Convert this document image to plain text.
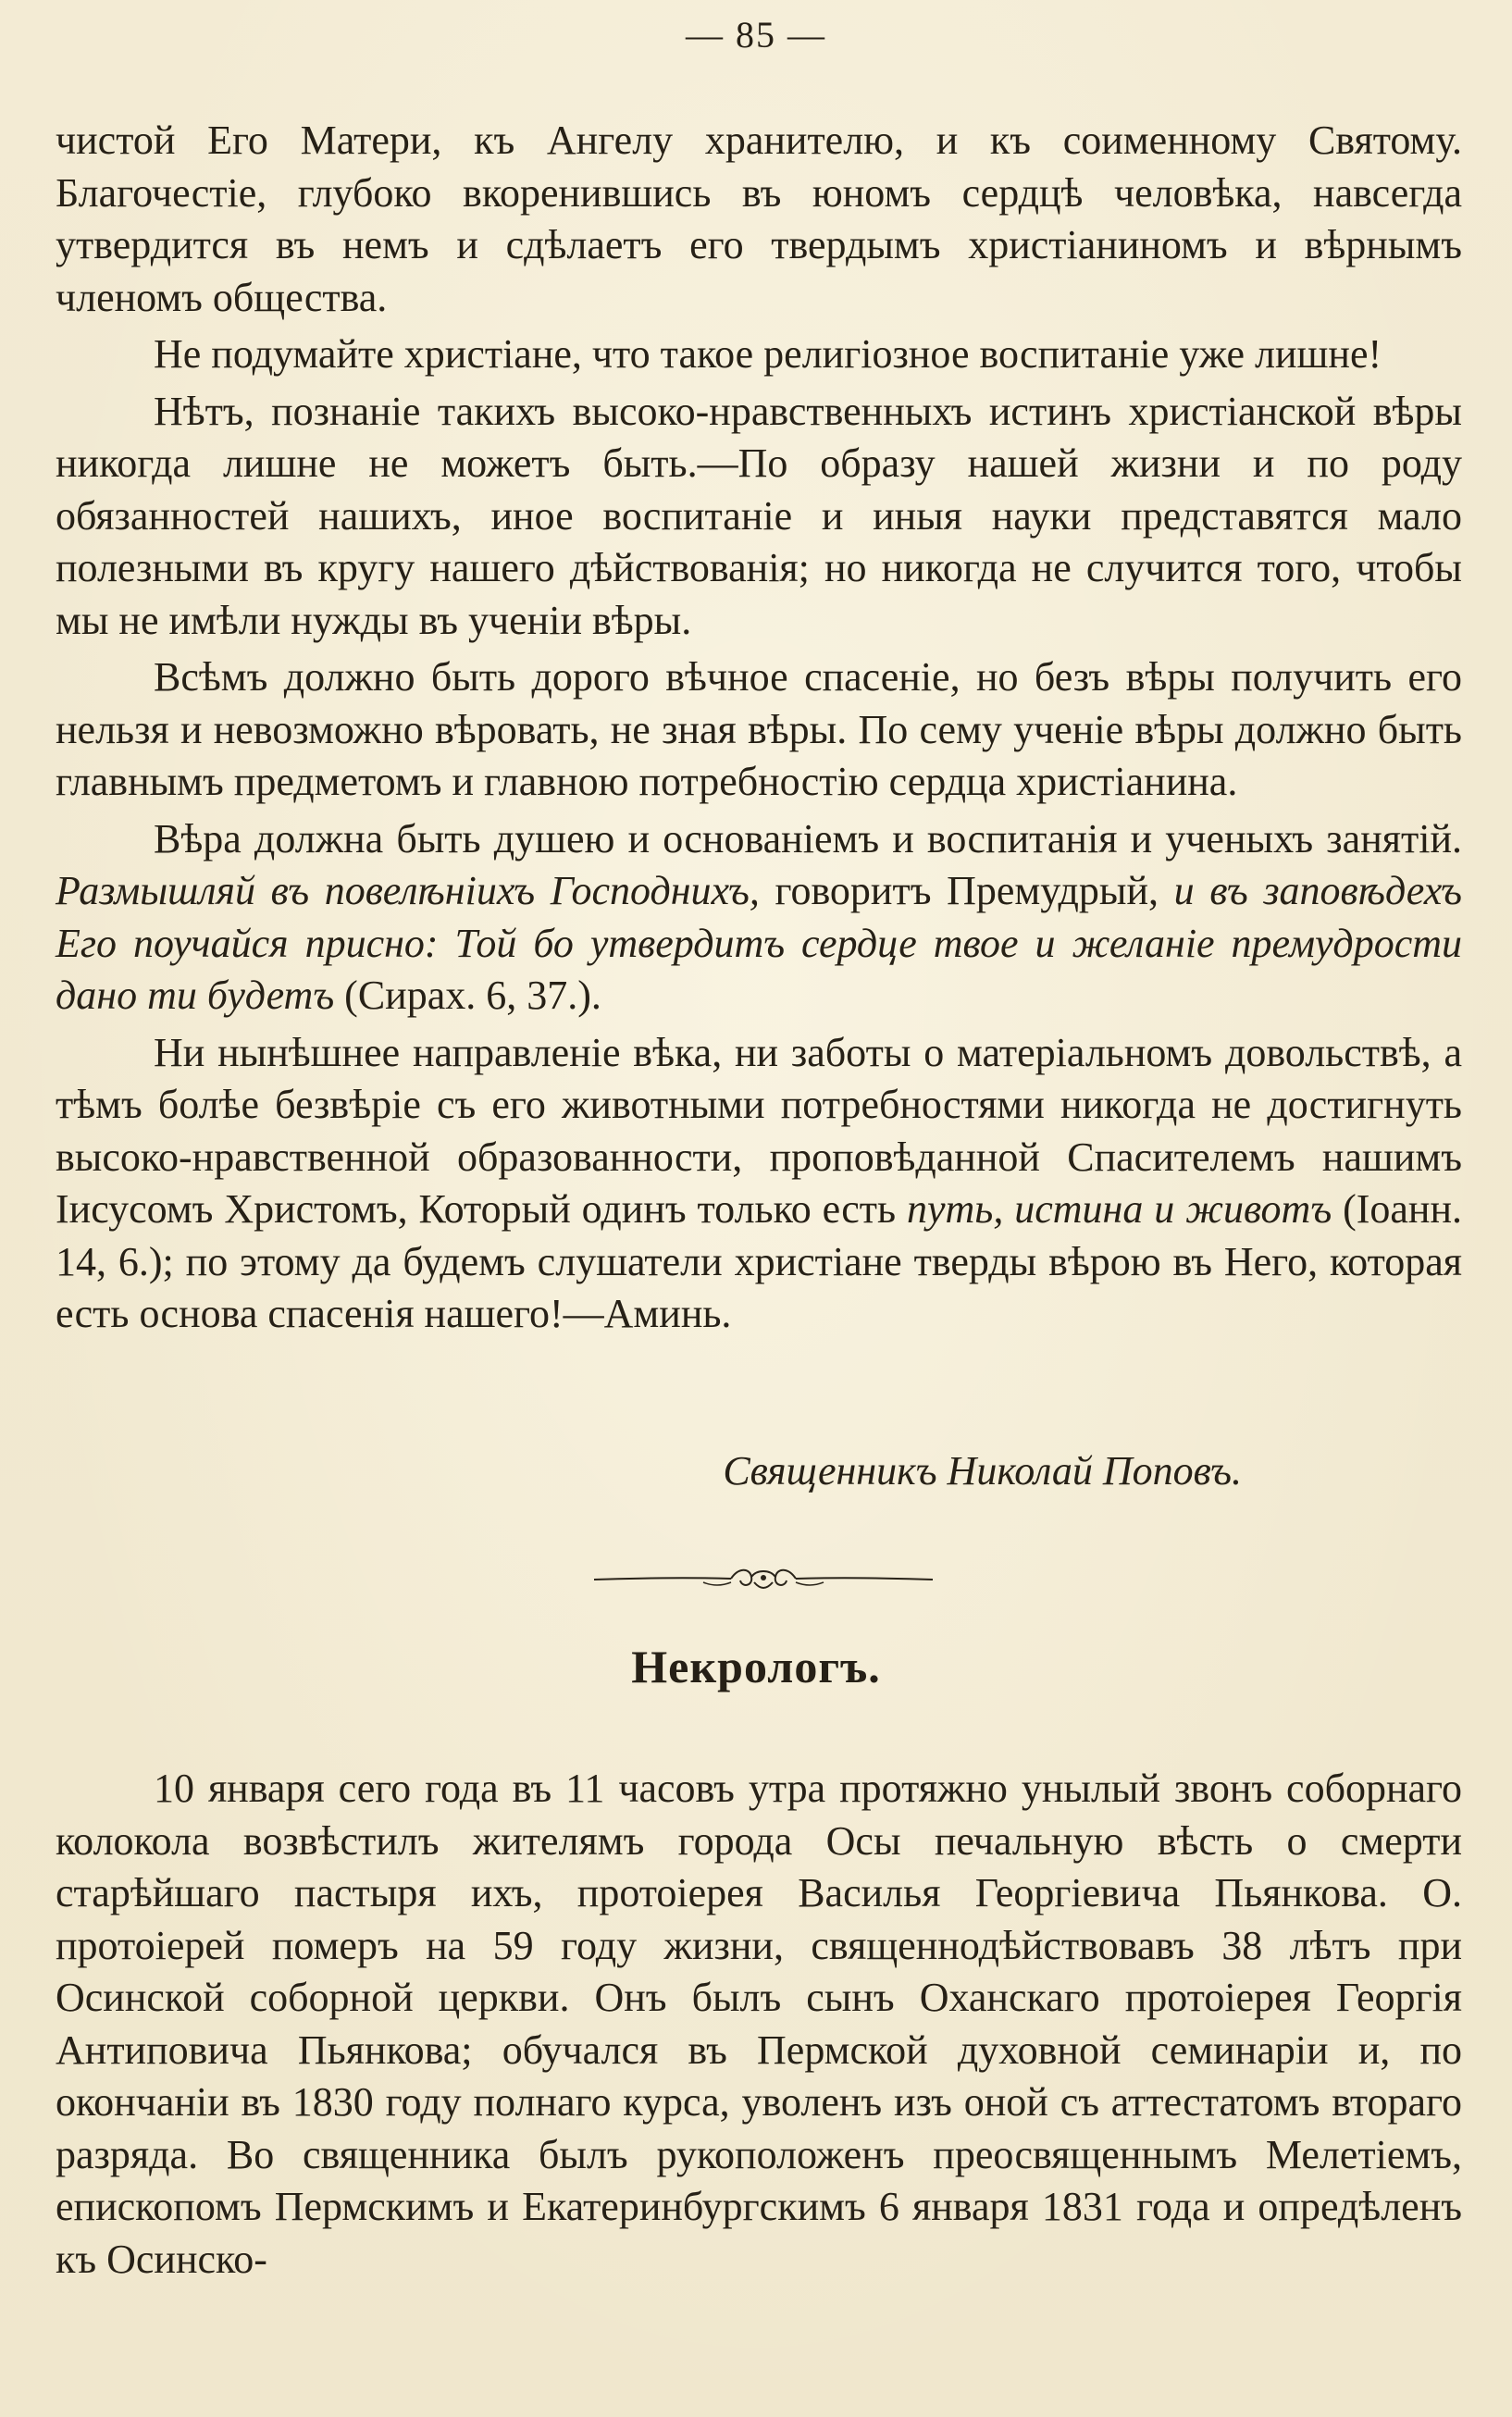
— 85 —

чистой Его Матери, къ Ангелу хранителю, и къ соименному Святому. Благочестіе, глубоко вкоренившись въ юномъ сердцѣ человѣка, навсегда утвердится въ немъ и сдѣлаетъ его твердымъ христіаниномъ и вѣрнымъ членомъ общества.

Не подумайте христіане, что такое религіозное воспитаніе уже лишне!

Нѣтъ, познаніе такихъ высоко-нравственныхъ истинъ христіанской вѣры никогда лишне не можетъ быть.—По образу нашей жизни и по роду обязанностей нашихъ, иное воспитаніе и иныя науки представятся мало полезными въ кругу нашего дѣйствованія; но никогда не случится того, чтобы мы не имѣли нужды въ ученіи вѣры.

Всѣмъ должно быть дорого вѣчное спасеніе, но безъ вѣры получить его нельзя и невозможно вѣровать, не зная вѣры. По сему ученіе вѣры должно быть главнымъ предметомъ и главною потребностію сердца христіанина.

Вѣра должна быть душею и основаніемъ и воспитанія и ученыхъ занятій. Размышляй въ повелѣніихъ Господнихъ, говоритъ Премудрый, и въ заповѣдехъ Его поучайся присно: Той бо утвердитъ сердце твое и желаніе премудрости дано ти будетъ (Сирах. 6, 37.).

Ни нынѣшнее направленіе вѣка, ни заботы о матеріальномъ довольствѣ, а тѣмъ болѣе безвѣріе съ его животными потребностями никогда не достигнуть высоко-нравственной образованности, проповѣданной Спасителемъ нашимъ Іисусомъ Христомъ, Который одинъ только есть путь, истина и животъ (Іоанн. 14, 6.); по этому да будемъ слушатели христіане тверды вѣрою въ Него, которая есть основа спасенія нашего!—Аминь.

Священникъ Николай Поповъ.
Некрологъ.

10 января сего года въ 11 часовъ утра протяжно унылый звонъ соборнаго колокола возвѣстилъ жителямъ города Осы печальную вѣсть о смерти старѣйшаго пастыря ихъ, протоіерея Василья Георгіевича Пьянкова. О. протоіерей померъ на 59 году жизни, священнодѣйствовавъ 38 лѣтъ при Осинской соборной церкви. Онъ былъ сынъ Оханскаго протоіерея Георгія Антиповича Пьянкова; обучался въ Пермской духовной семинаріи и, по окончаніи въ 1830 году полнаго курса, уволенъ изъ оной съ аттестатомъ втораго разряда. Во священника былъ рукоположенъ преосвященнымъ Мелетіемъ, епископомъ Пермскимъ и Екатеринбургскимъ 6 января 1831 года и опредѣленъ къ Осинско-
